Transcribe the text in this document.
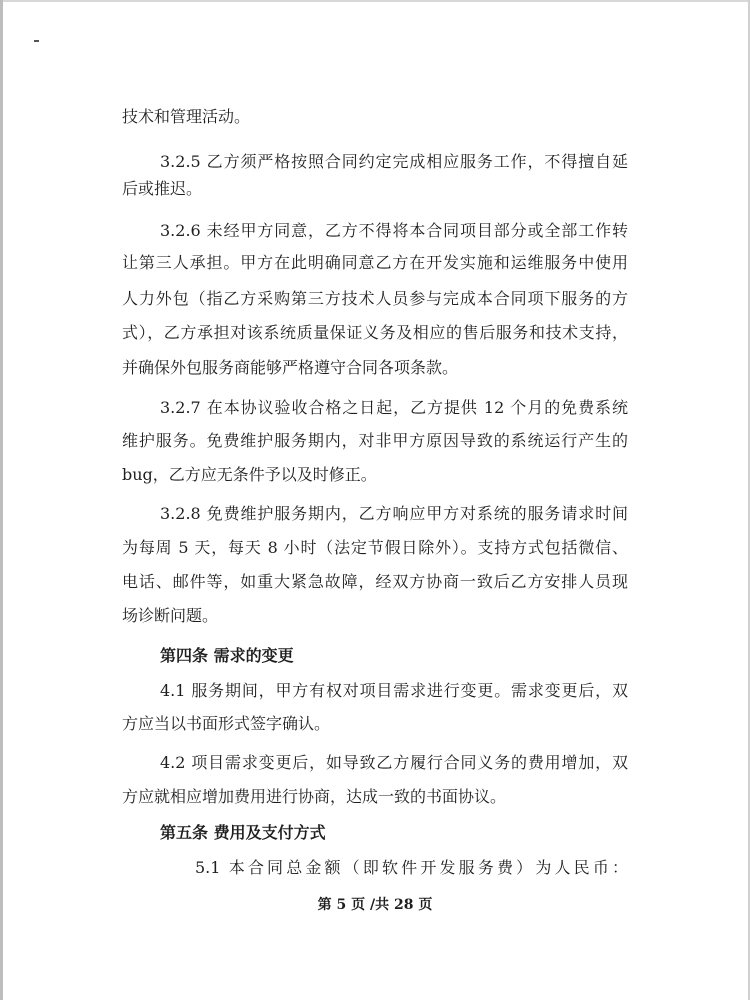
技术和管理活动。
3.2.5 乙方须严格按照合同约定完成相应服务工作，不得擅自延
后或推迟。
3.2.6 未经甲方同意，乙方不得将本合同项目部分或全部工作转
让第三人承担。甲方在此明确同意乙方在开发实施和运维服务中使用
人力外包（指乙方采购第三方技术人员参与完成本合同项下服务的方
式），乙方承担对该系统质量保证义务及相应的售后服务和技术支持，
并确保外包服务商能够严格遵守合同各项条款。
3.2.7 在本协议验收合格之日起，乙方提供 12 个月的免费系统
维护服务。免费维护服务期内，对非甲方原因导致的系统运行产生的
bug，乙方应无条件予以及时修正。
3.2.8 免费维护服务期内，乙方响应甲方对系统的服务请求时间
为每周 5 天，每天 8 小时（法定节假日除外）。支持方式包括微信、
电话、邮件等，如重大紧急故障，经双方协商一致后乙方安排人员现
场诊断问题。
第四条 需求的变更
4.1 服务期间，甲方有权对项目需求进行变更。需求变更后，双
方应当以书面形式签字确认。
4.2 项目需求变更后，如导致乙方履行合同义务的费用增加，双
方应就相应增加费用进行协商，达成一致的书面协议。
第五条 费用及支付方式
5.1 本合同总金额（即软件开发服务费）为人民币：
第 5 页 /共 28 页
